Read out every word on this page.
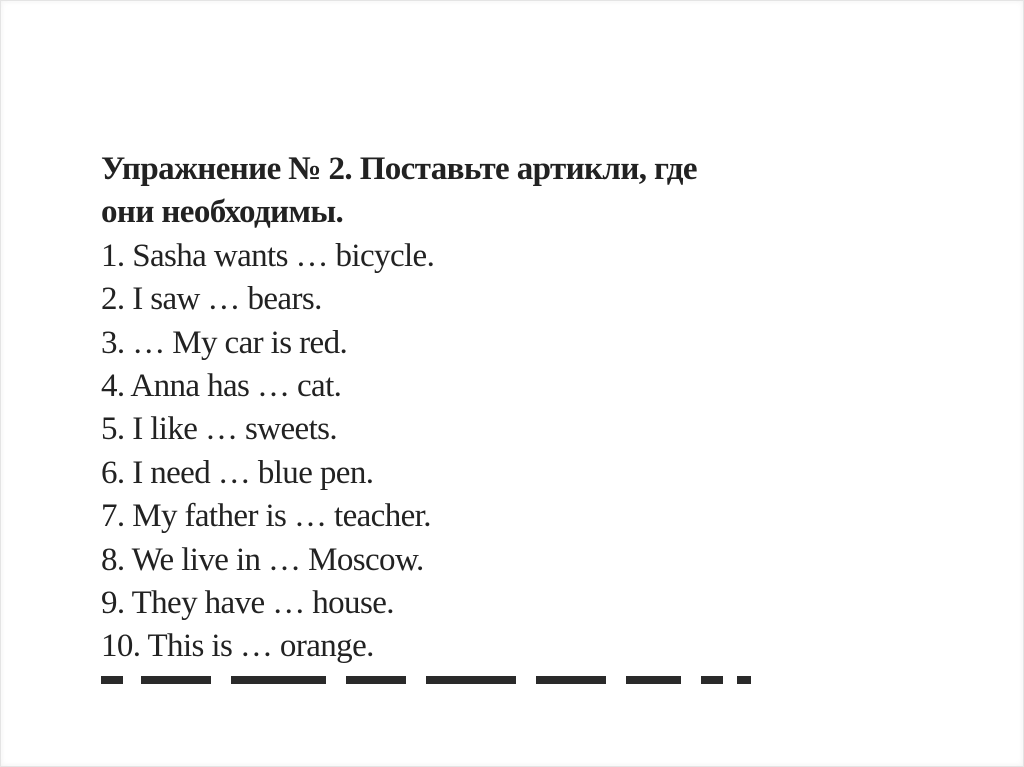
Упражнение № 2. Поставьте артикли, где

они необходимы.

1. Sasha wants … bicycle.

2. I saw … bears.

3. … My car is red.

4. Anna has … cat.

5. I like … sweets.

6. I need … blue pen.

7. My father is … teacher.

8. We live in … Moscow.

9. They have … house.

10. This is … orange.
